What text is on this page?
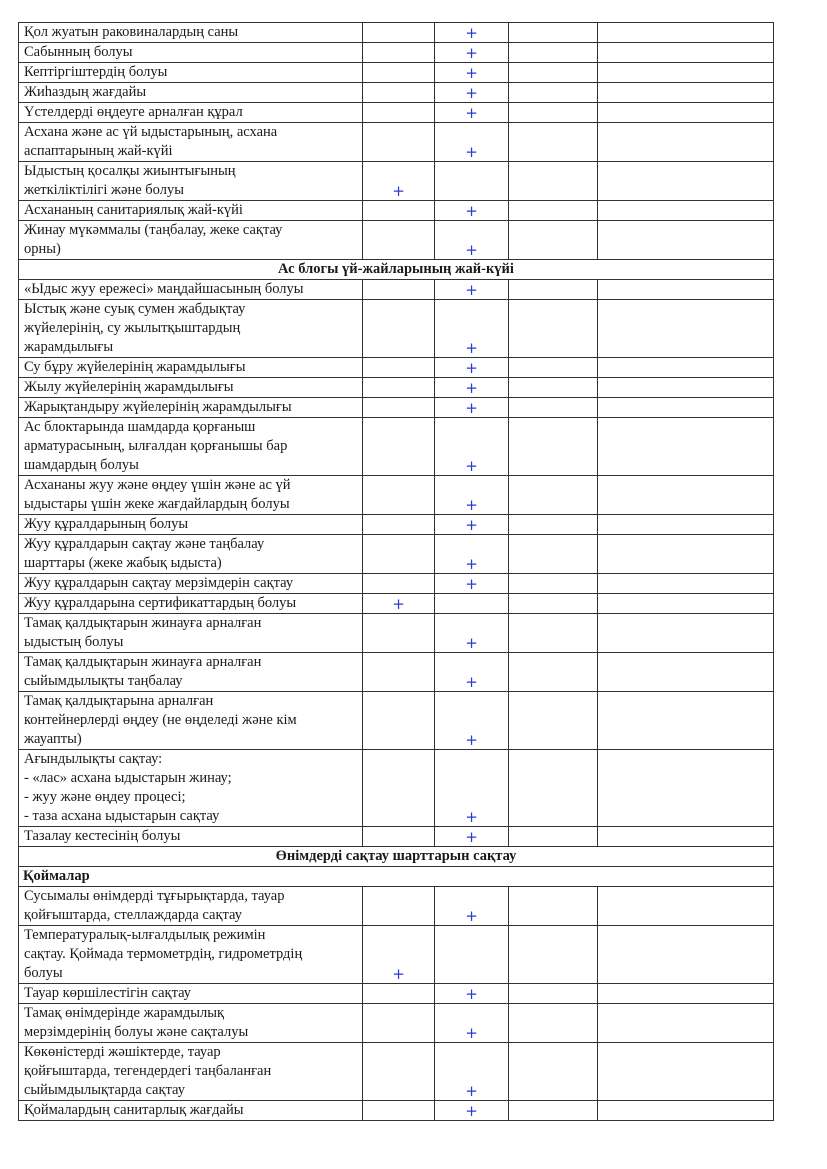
Қол жуатын раковиналардың саны		+		
Сабынның болуы		+		
Кептіргіштердің болуы		+		
Жиһаздың жағдайы		+		
Үстелдерді өңдеуге арналған құрал		+		
Асхана және ас үй ыдыстарының, асхана
аспаптарының жай-күйі		+		
Ыдыстың қосалқы жиынтығының
жеткіліктілігі және болуы	+			
Асхананың санитариялық жай-күйі		+		
Жинау мүкәммалы (таңбалау, жеке сақтау
орны)		+		
Ас блогы үй-жайларының жай-күйі				
«Ыдыс жуу ережесі» маңдайшасының болуы		+		
Ыстық және суық сумен жабдықтау
жүйелерінің, су жылытқыштардың
жарамдылығы		+		
Су бұру жүйелерінің жарамдылығы		+		
Жылу жүйелерінің жарамдылығы		+		
Жарықтандыру жүйелерінің жарамдылығы		+		
Ас блоктарында шамдарда қорғаныш
арматурасының, ылғалдан қорғанышы бар
шамдардың болуы		+		
Асхананы жуу және өңдеу үшін және ас үй
ыдыстары үшін жеке жағдайлардың болуы		+		
Жуу құралдарының болуы		+		
Жуу құралдарын сақтау және таңбалау
шарттары (жеке жабық ыдыста)		+		
Жуу құралдарын сақтау мерзімдерін сақтау		+		
Жуу құралдарына сертификаттардың болуы	+			
Тамақ қалдықтарын жинауға арналған
ыдыстың болуы		+		
Тамақ қалдықтарын жинауға арналған
сыйымдылықты таңбалау		+		
Тамақ қалдықтарына арналған
контейнерлерді өңдеу (не өңделеді және кім
жауапты)		+		
Ағындылықты сақтау:
- «лас» асхана ыдыстарын жинау;
- жуу және өңдеу процесі;
- таза асхана ыдыстарын сақтау		+		
Тазалау кестесінің болуы		+		
Өнімдерді сақтау шарттарын сақтау				
Қоймалар				
Сусымалы өнімдерді тұғырықтарда, тауар
қойғыштарда, стеллаждарда сақтау		+		
Температуралық-ылғалдылық режимін
сақтау. Қоймада термометрдің, гидрометрдің
болуы	+			
Тауар көршілестігін сақтау		+		
Тамақ өнімдерінде жарамдылық
мерзімдерінің болуы және сақталуы		+		
Көкөністерді жәшіктерде, тауар
қойғыштарда, тегендердегі таңбаланған
сыйымдылықтарда сақтау		+		
Қоймалардың санитарлық жағдайы		+		
